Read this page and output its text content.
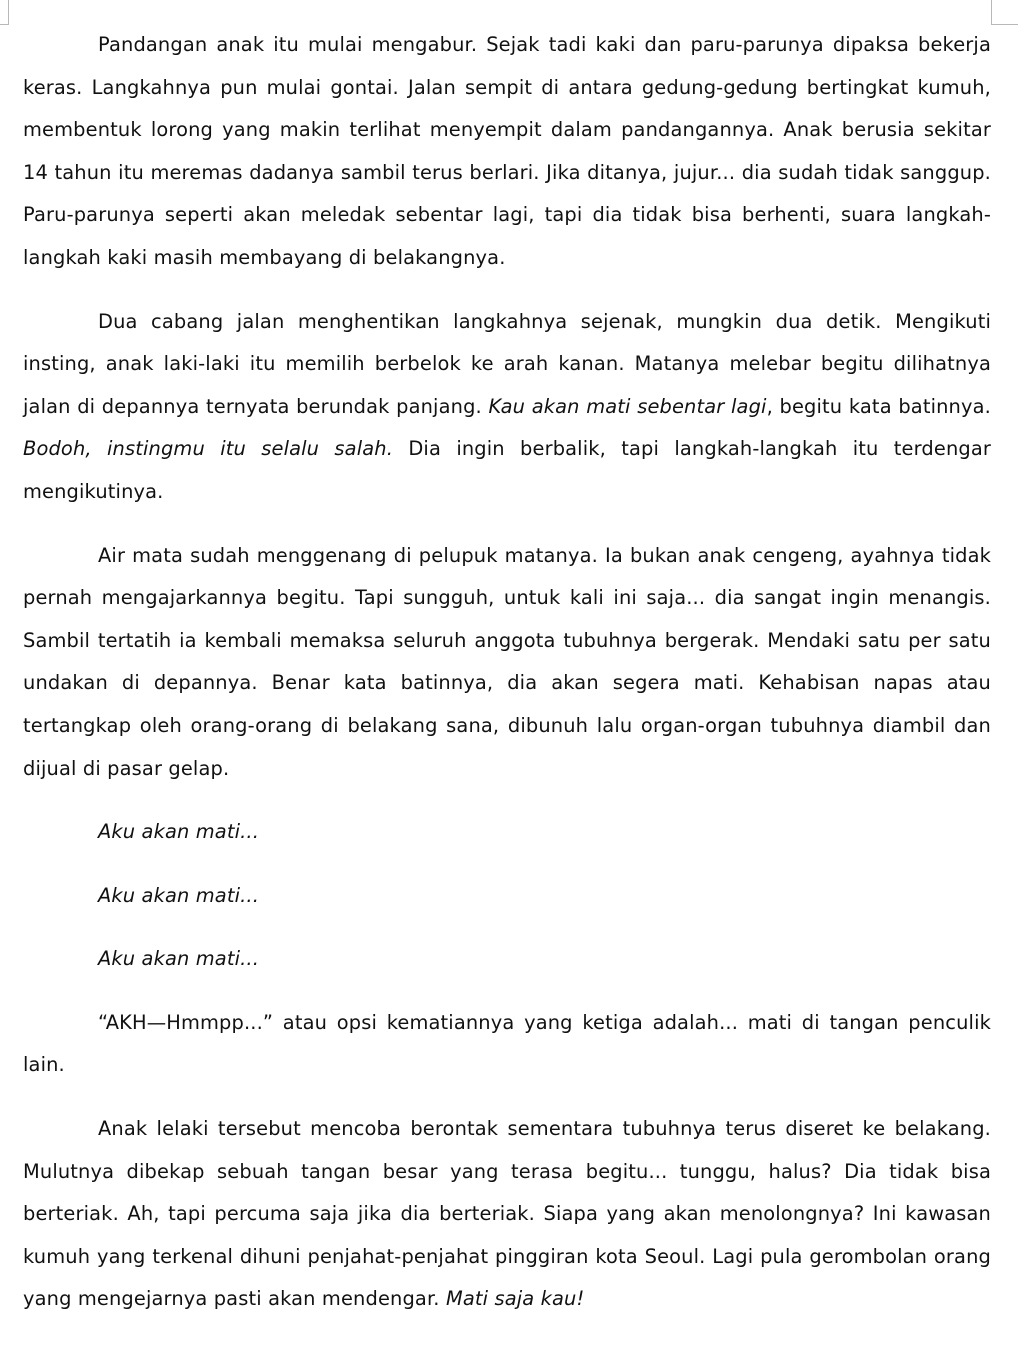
Pandangan anak itu mulai mengabur. Sejak tadi kaki dan paru-parunya dipaksa bekerja keras. Langkahnya pun mulai gontai. Jalan sempit di antara gedung-gedung bertingkat kumuh, membentuk lorong yang makin terlihat menyempit dalam pandangannya. Anak berusia sekitar 14 tahun itu meremas dadanya sambil terus berlari. Jika ditanya, jujur... dia sudah tidak sanggup. Paru-parunya seperti akan meledak sebentar lagi, tapi dia tidak bisa berhenti, suara langkah-langkah kaki masih membayang di belakangnya.

Dua cabang jalan menghentikan langkahnya sejenak, mungkin dua detik. Mengikuti insting, anak laki-laki itu memilih berbelok ke arah kanan. Matanya melebar begitu dilihatnya jalan di depannya ternyata berundak panjang. Kau akan mati sebentar lagi, begitu kata batinnya. Bodoh, instingmu itu selalu salah. Dia ingin berbalik, tapi langkah-langkah itu terdengar mengikutinya.

Air mata sudah menggenang di pelupuk matanya. Ia bukan anak cengeng, ayahnya tidak pernah mengajarkannya begitu. Tapi sungguh, untuk kali ini saja... dia sangat ingin menangis. Sambil tertatih ia kembali memaksa seluruh anggota tubuhnya bergerak. Mendaki satu per satu undakan di depannya. Benar kata batinnya, dia akan segera mati. Kehabisan napas atau tertangkap oleh orang-orang di belakang sana, dibunuh lalu organ-organ tubuhnya diambil dan dijual di pasar gelap.

Aku akan mati...

Aku akan mati...

Aku akan mati...

“AKH—Hmmpp...” atau opsi kematiannya yang ketiga adalah... mati di tangan penculik lain.

Anak lelaki tersebut mencoba berontak sementara tubuhnya terus diseret ke belakang. Mulutnya dibekap sebuah tangan besar yang terasa begitu... tunggu, halus? Dia tidak bisa berteriak. Ah, tapi percuma saja jika dia berteriak. Siapa yang akan menolongnya? Ini kawasan kumuh yang terkenal dihuni penjahat-penjahat pinggiran kota Seoul. Lagi pula gerombolan orang yang mengejarnya pasti akan mendengar. Mati saja kau!
